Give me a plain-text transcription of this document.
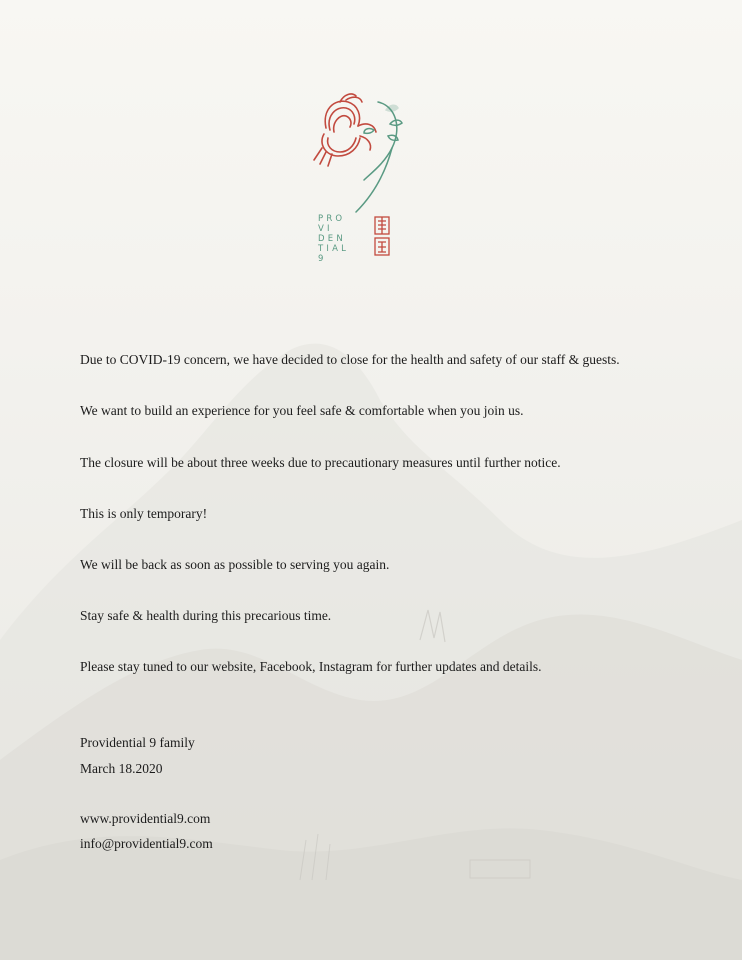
PRO
VI
DEN
TIAL
9

Due to COVID-19 concern, we have decided to close for the health and safety of our staff & guests.

We want to build an experience for you feel safe & comfortable when you join us.

The closure will be about three weeks due to precautionary measures until further notice.

This is only temporary!

We will be back as soon as possible to serving you again.

Stay safe & health during this precarious time.

Please stay tuned to our website, Facebook, Instagram for further updates and details.

Providential 9 family

March 18.2020

www.providential9.com

info@providential9.com
